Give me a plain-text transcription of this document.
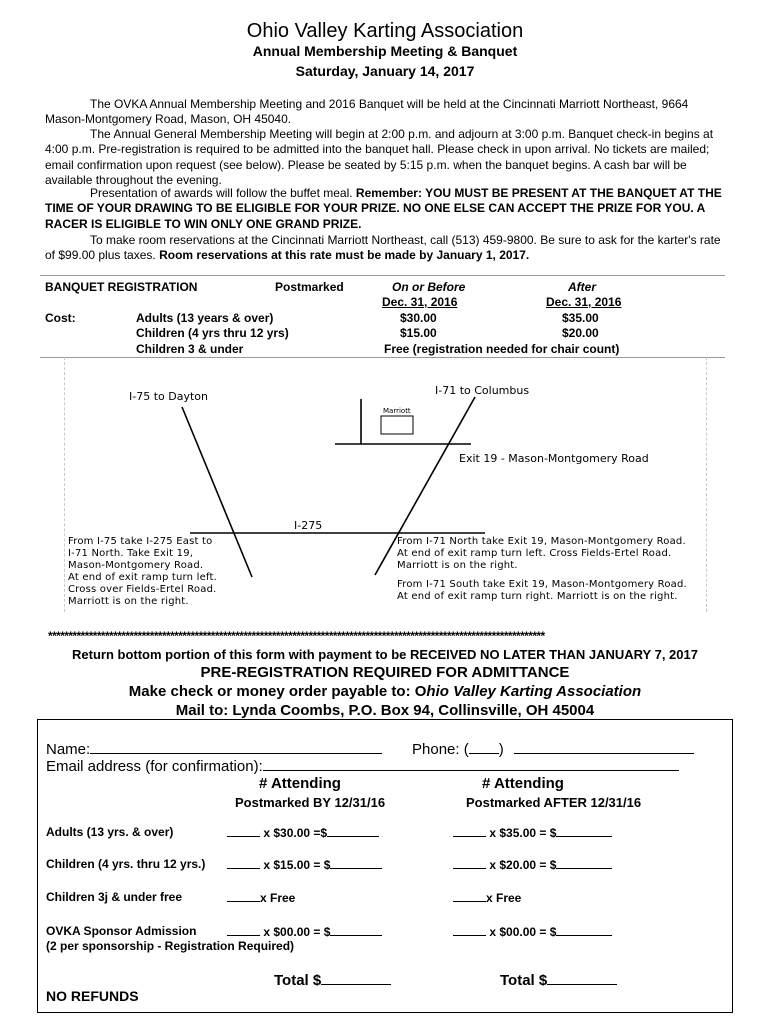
Ohio Valley Karting Association
Annual Membership Meeting & Banquet
Saturday, January 14, 2017

The OVKA Annual Membership Meeting and 2016 Banquet will be held at the Cincinnati Marriott Northeast, 9664 Mason-Montgomery Road, Mason, OH 45040.

The Annual General Membership Meeting will begin at 2:00 p.m. and adjourn at 3:00 p.m. Banquet check-in begins at 4:00 p.m. Pre-registration is required to be admitted into the banquet hall. Please check in upon arrival. No tickets are mailed; email confirmation upon request (see below). Please be seated by 5:15 p.m. when the banquet begins. A cash bar will be available throughout the evening.

Presentation of awards will follow the buffet meal. Remember: YOU MUST BE PRESENT AT THE BANQUET AT THE TIME OF YOUR DRAWING TO BE ELIGIBLE FOR YOUR PRIZE. NO ONE ELSE CAN ACCEPT THE PRIZE FOR YOU. A RACER IS ELIGIBLE TO WIN ONLY ONE GRAND PRIZE.

To make room reservations at the Cincinnati Marriott Northeast, call (513) 459-9800. Be sure to ask for the karter's rate of $99.00 plus taxes. Room reservations at this rate must be made by January 1, 2017.

BANQUET REGISTRATION	Postmarked	On or Before	After
Dec. 31, 2016	Dec. 31, 2016
Cost:	Adults (13 years & over)	$30.00	$35.00
Children (4 yrs thru 12 yrs)	$15.00	$20.00
Children 3 & under	Free (registration needed for chair count)
I-75 to Dayton	I-71 to Columbus
Marriott
Exit 19 - Mason-Montgomery Road
I-275
From I-75 take I-275 East to
I-71 North. Take Exit 19,
Mason-Montgomery Road.
At end of exit ramp turn left.
Cross over Fields-Ertel Road.
Marriott is on the right.
From I-71 North take Exit 19, Mason-Montgomery Road.
At end of exit ramp turn left. Cross Fields-Ertel Road.
Marriott is on the right.
From I-71 South take Exit 19, Mason-Montgomery Road.
At end of exit ramp turn right. Marriott is on the right.
**************************************************************************************************************************
Return bottom portion of this form with payment to be RECEIVED NO LATER THAN JANUARY 7, 2017
PRE-REGISTRATION REQUIRED FOR ADMITTANCE
Make check or money order payable to: Ohio Valley Karting Association
Mail to: Lynda Coombs, P.O. Box 94, Collinsville, OH 45004
Name:	Phone: ( )
Email address (for confirmation):
# Attending	# Attending
Postmarked BY 12/31/16	Postmarked AFTER 12/31/16
Adults (13 yrs. & over)	x $30.00 =$	x $35.00 = $
Children (4 yrs. thru 12 yrs.)	x $15.00 = $	x $20.00 = $
Children 3j & under free	x Free	x Free
OVKA Sponsor Admission	x $00.00 = $	x $00.00 = $
(2 per sponsorship - Registration Required)
Total $	Total $
NO REFUNDS
